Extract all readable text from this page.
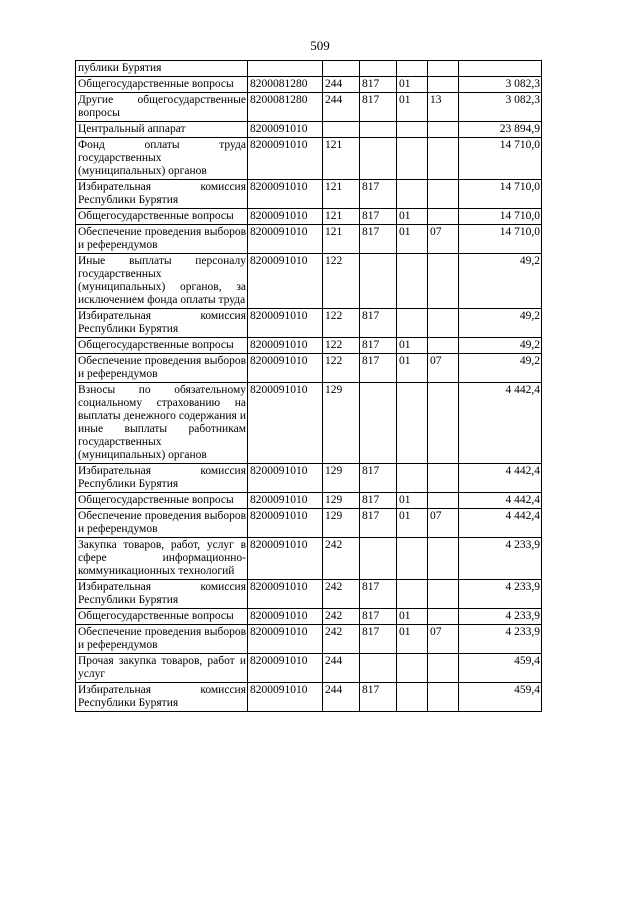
509
публики Бурятия						
Общегосударственные вопросы	8200081280	244	817	01		3 082,3
Другие общегосударственные вопросы	8200081280	244	817	01	13	3 082,3
Центральный аппарат	8200091010					23 894,9
Фонд оплаты труда государственных (муниципальных) органов	8200091010	121				14 710,0
Избирательная комиссия Республики Бурятия	8200091010	121	817			14 710,0
Общегосударственные вопросы	8200091010	121	817	01		14 710,0
Обеспечение проведения выборов и референдумов	8200091010	121	817	01	07	14 710,0
Иные выплаты персоналу государственных (муниципальных) органов, за исключением фонда оплаты труда	8200091010	122				49,2
Избирательная комиссия Республики Бурятия	8200091010	122	817			49,2
Общегосударственные вопросы	8200091010	122	817	01		49,2
Обеспечение проведения выборов и референдумов	8200091010	122	817	01	07	49,2
Взносы по обязательному социальному страхованию на выплаты денежного содержания и иные выплаты работникам государственных (муниципальных) органов	8200091010	129				4 442,4
Избирательная комиссия Республики Бурятия	8200091010	129	817			4 442,4
Общегосударственные вопросы	8200091010	129	817	01		4 442,4
Обеспечение проведения выборов и референдумов	8200091010	129	817	01	07	4 442,4
Закупка товаров, работ, услуг в сфере информационно-коммуникационных технологий	8200091010	242				4 233,9
Избирательная комиссия Республики Бурятия	8200091010	242	817			4 233,9
Общегосударственные вопросы	8200091010	242	817	01		4 233,9
Обеспечение проведения выборов и референдумов	8200091010	242	817	01	07	4 233,9
Прочая закупка товаров, работ и услуг	8200091010	244				459,4
Избирательная комиссия Республики Бурятия	8200091010	244	817			459,4
